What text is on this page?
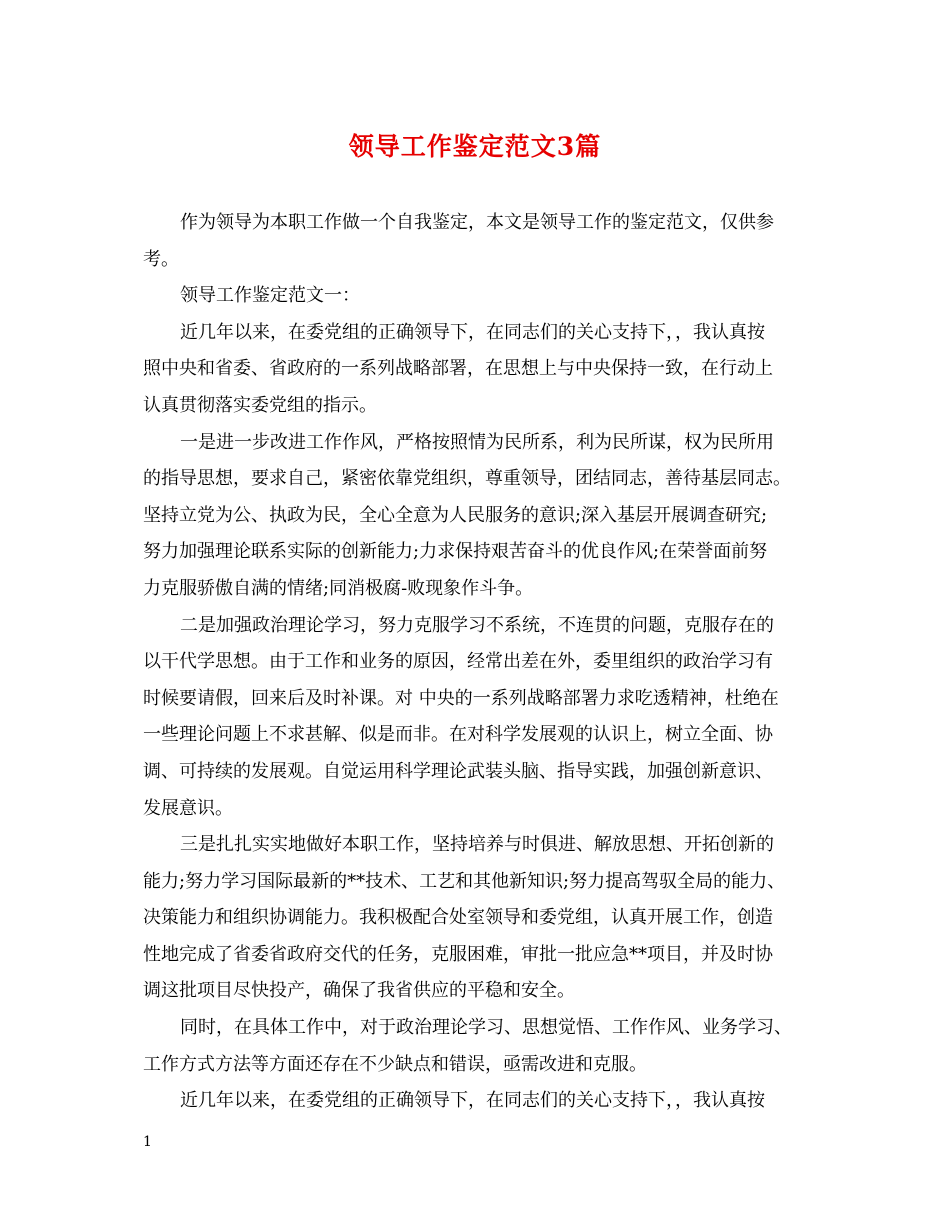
领导工作鉴定范文3篇
作为领导为本职工作做一个自我鉴定，本文是领导工作的鉴定范文，仅供参
考。
领导工作鉴定范文一：
近几年以来，在委党组的正确领导下，在同志们的关心支持下，，我认真按
照中央和省委、省政府的一系列战略部署，在思想上与中央保持一致，在行动上
认真贯彻落实委党组的指示。
一是进一步改进工作作风，严格按照情为民所系，利为民所谋，权为民所用
的指导思想，要求自己，紧密依靠党组织，尊重领导，团结同志，善待基层同志。
坚持立党为公、执政为民，全心全意为人民服务的意识;深入基层开展调查研究;
努力加强理论联系实际的创新能力;力求保持艰苦奋斗的优良作风;在荣誉面前努
力克服骄傲自满的情绪;同消极腐-败现象作斗争。
二是加强政治理论学习，努力克服学习不系统，不连贯的问题，克服存在的
以干代学思想。由于工作和业务的原因，经常出差在外，委里组织的政治学习有
时候要请假，回来后及时补课。对 中央的一系列战略部署力求吃透精神，杜绝在
一些理论问题上不求甚解、似是而非。在对科学发展观的认识上，树立全面、协
调、可持续的发展观。自觉运用科学理论武装头脑、指导实践，加强创新意识、
发展意识。
三是扎扎实实地做好本职工作，坚持培养与时俱进、解放思想、开拓创新的
能力;努力学习国际最新的**技术、工艺和其他新知识;努力提高驾驭全局的能力、
决策能力和组织协调能力。我积极配合处室领导和委党组，认真开展工作，创造
性地完成了省委省政府交代的任务，克服困难，审批一批应急**项目，并及时协
调这批项目尽快投产，确保了我省供应的平稳和安全。
同时，在具体工作中，对于政治理论学习、思想觉悟、工作作风、业务学习、
工作方式方法等方面还存在不少缺点和错误，亟需改进和克服。
近几年以来，在委党组的正确领导下，在同志们的关心支持下，，我认真按
1
